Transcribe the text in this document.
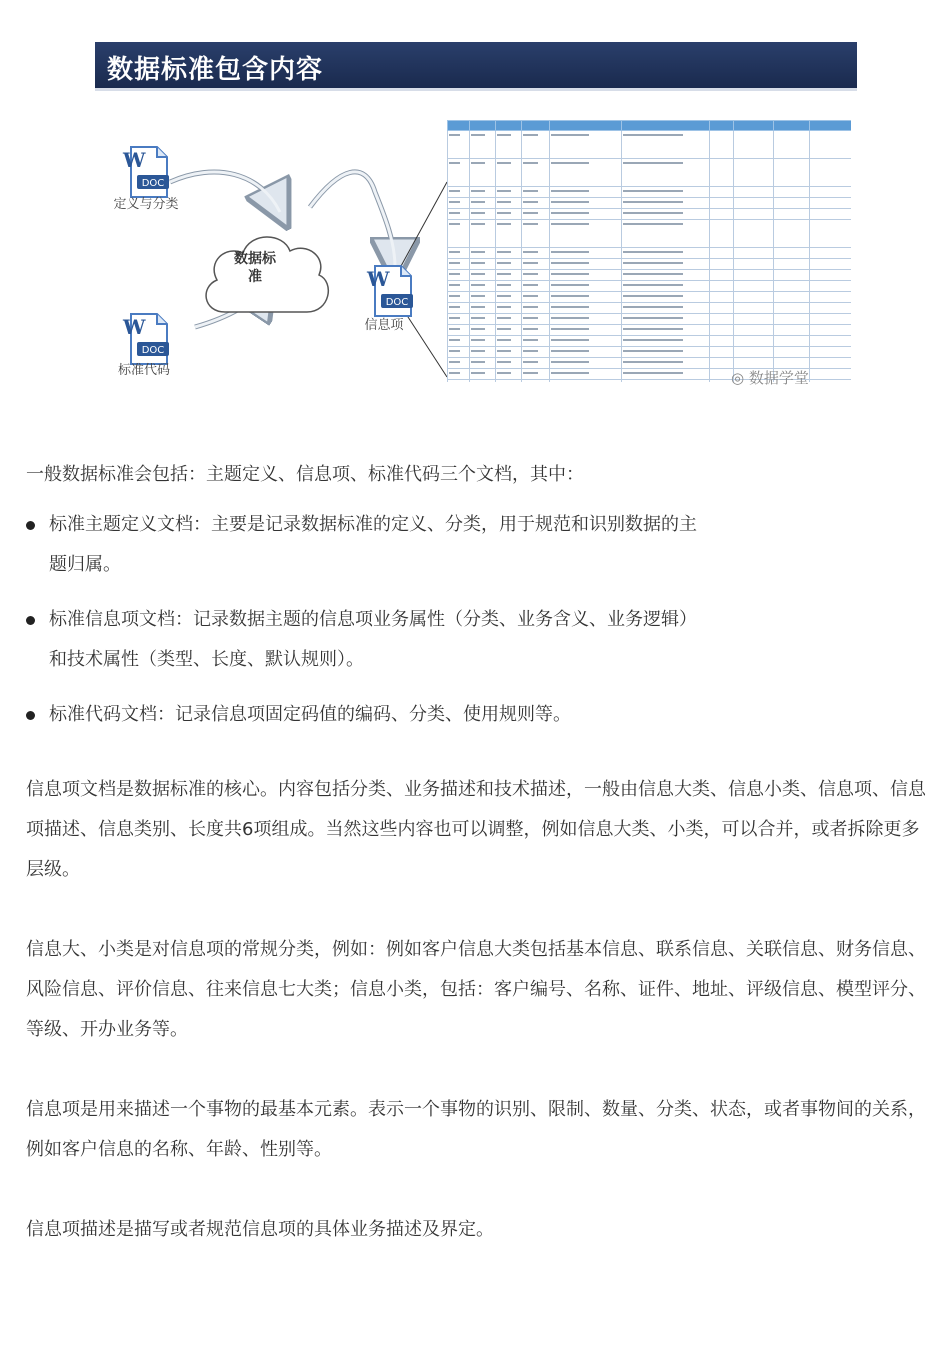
数据标准包含内容
数据标准
W
DOC
定义与分类
W
DOC
标准代码
W
DOC
信息项

◎ 数据学堂

一般数据标准会包括：主题定义、信息项、标准代码三个文档，其中：

标准主题定义文档：主要是记录数据标准的定义、分类，用于规范和识别数据的主题归属。
标准信息项文档：记录数据主题的信息项业务属性（分类、业务含义、业务逻辑）和技术属性（类型、长度、默认规则）。
标准代码文档：记录信息项固定码值的编码、分类、使用规则等。

信息项文档是数据标准的核心。内容包括分类、业务描述和技术描述，一般由信息大类、信息小类、信息项、信息项描述、信息类别、长度共6项组成。当然这些内容也可以调整，例如信息大类、小类，可以合并，或者拆除更多层级。

信息大、小类是对信息项的常规分类，例如：例如客户信息大类包括基本信息、联系信息、关联信息、财务信息、风险信息、评价信息、往来信息七大类；信息小类，包括：客户编号、名称、证件、地址、评级信息、模型评分、等级、开办业务等。

信息项是用来描述一个事物的最基本元素。表示一个事物的识别、限制、数量、分类、状态，或者事物间的关系，例如客户信息的名称、年龄、性别等。

信息项描述是描写或者规范信息项的具体业务描述及界定。
